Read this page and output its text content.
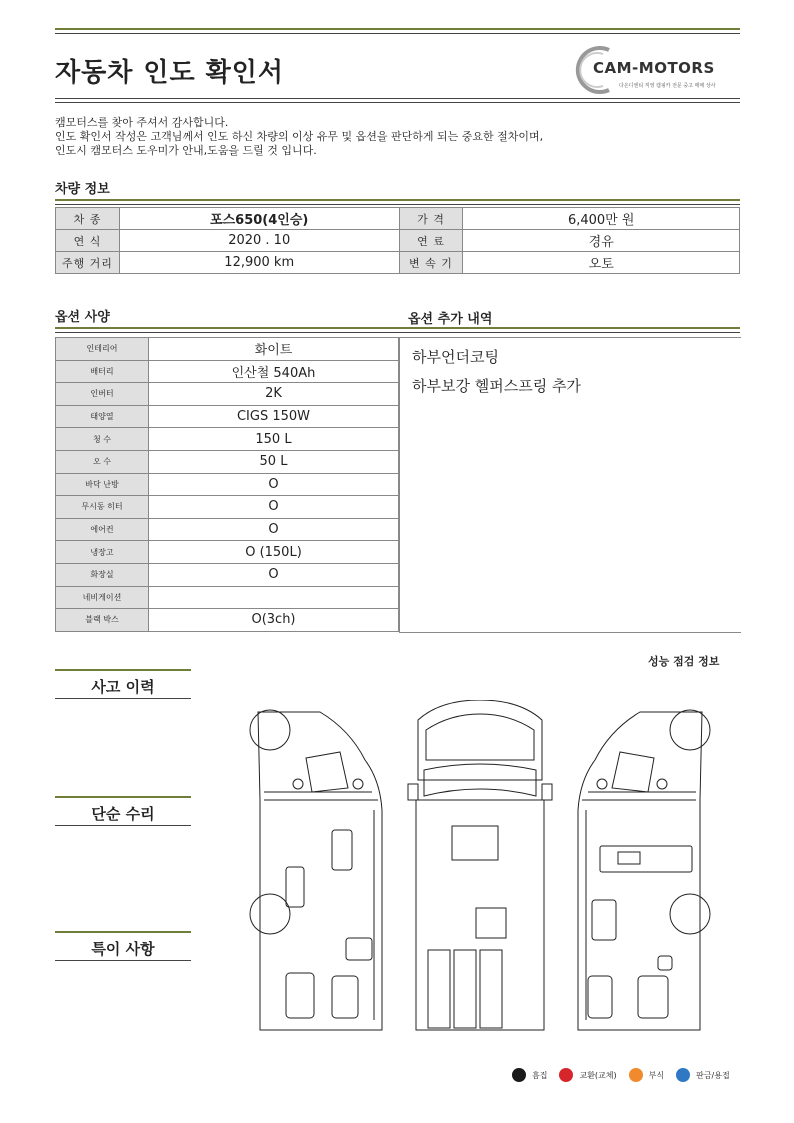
자동차 인도 확인서	CAM-MOTORS
다온디엔티 직영 캠핑카 전문 중고 매매 상사
캠모터스를 찾아 주셔서 감사합니다.
인도 확인서 작성은 고객님께서 인도 하신 차량의 이상 유무 및 옵션을 판단하게 되는 중요한 절차이며,
인도시 캠모터스 도우미가 안내,도움을 드릴 것 입니다.
차량 정보
차 종	포스650(4인승)	가 격	6,400만 원
연 식	2020 . 10	연 료	경유
주행 거리	12,900 km	변 속 기	오토
옵션 사양	옵션 추가 내역
인테리어	화이트
배터리	인산철 540Ah
인버터	2K
태양열	CIGS 150W
청 수	150 L
오 수	50 L
바닥 난방	O
무시동 히터	O
에어컨	O
냉장고	O (150L)
화장실	O
네비게이션	
블랙 박스	O(3ch)
하부언더코팅
하부보강 헬퍼스프링 추가
성능 점검 정보
사고 이력
단순 수리
특이 사항
흠집	교환(교체)	부식	판금/용접
